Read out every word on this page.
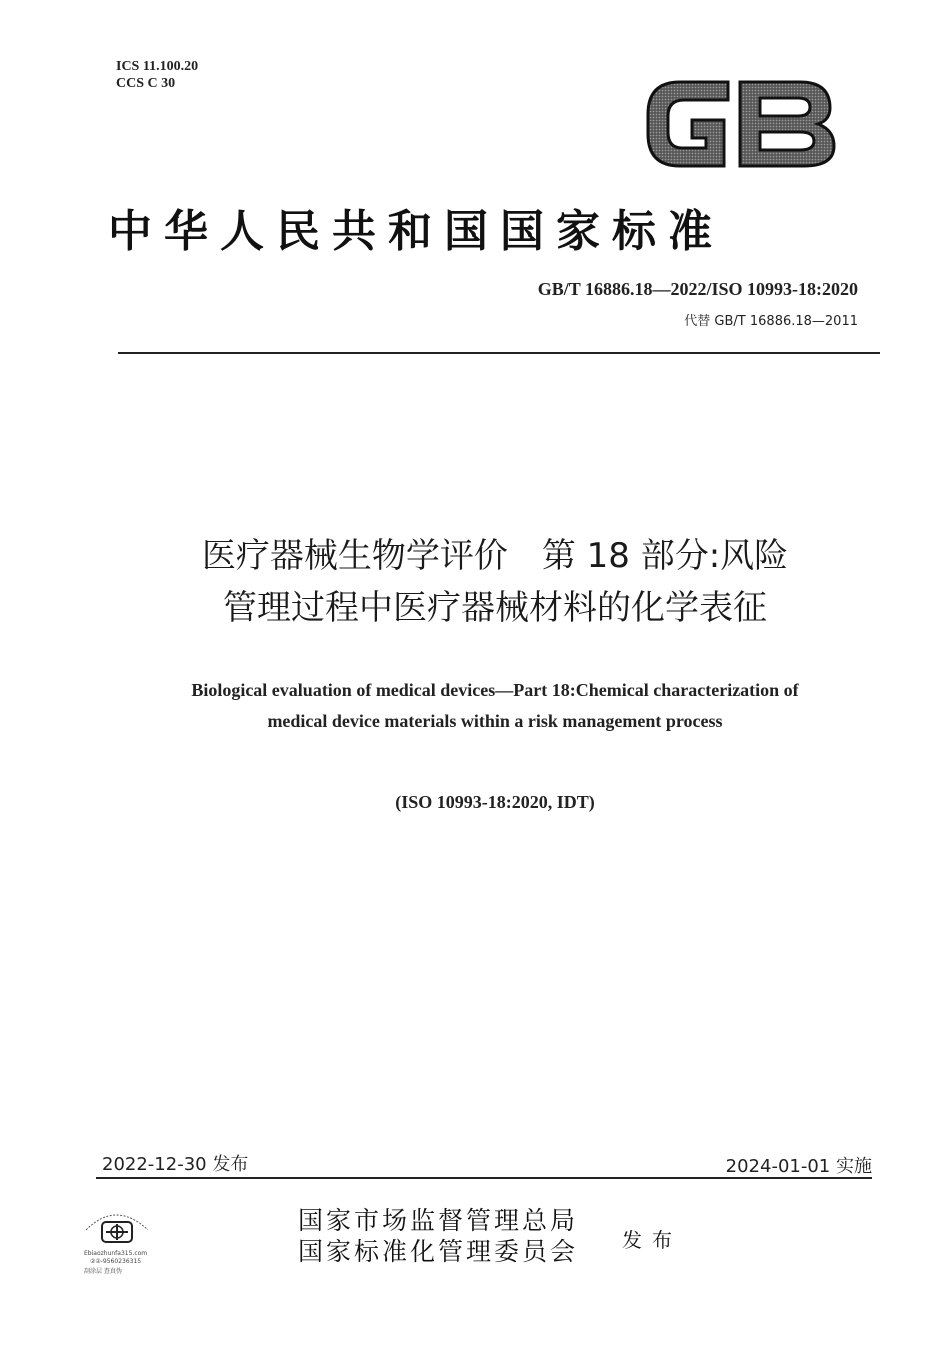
ICS 11.100.20
CCS C 30
中华人民共和国国家标准
GB/T 16886.18—2022/ISO 10993-18:2020
代替 GB/T 16886.18—2011
医疗器械生物学评价　第 18 部分:风险
管理过程中医疗器械材料的化学表征
Biological evaluation of medical devices—Part 18:Chemical characterization of
medical device materials within a risk management process
(ISO 10993-18:2020, IDT)
2022-12-30 发布	2024-01-01 实施
Ebiaozhunfa315.com
②②-9560236315
刮涂层 查真伪
国家市场监督管理总局
国家标准化管理委员会 发布
